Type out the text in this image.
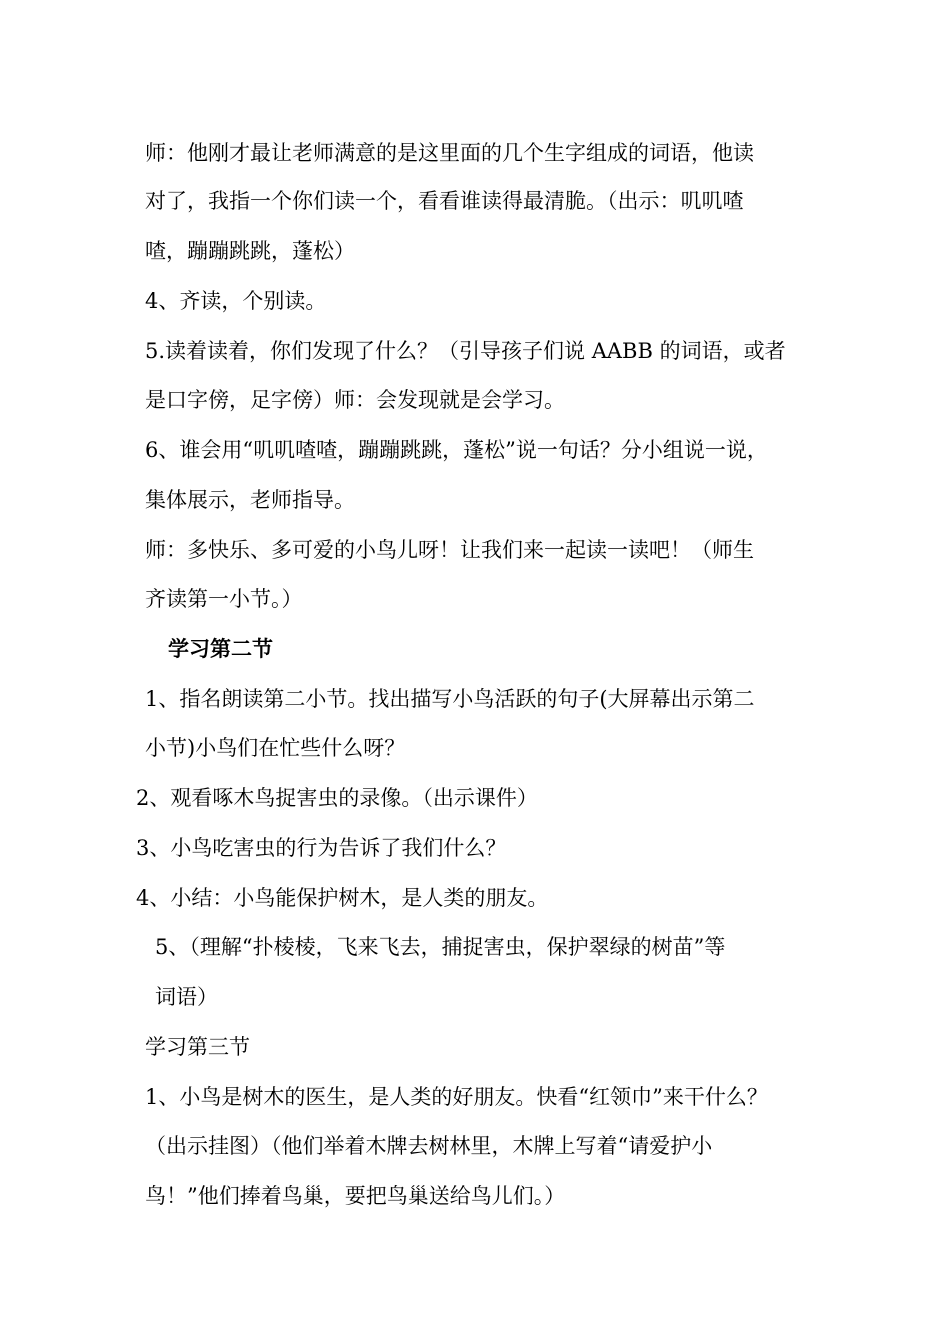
师：他刚才最让老师满意的是这里面的几个生字组成的词语，他读
对了，我指一个你们读一个，看看谁读得最清脆。（出示：叽叽喳
喳，蹦蹦跳跳，蓬松）
4、齐读，个别读。
5.读着读着，你们发现了什么？（引导孩子们说 AABB 的词语，或者
是口字傍，足字傍）师：会发现就是会学习。
6、谁会用“叽叽喳喳，蹦蹦跳跳，蓬松”说一句话？分小组说一说，
集体展示，老师指导。
师：多快乐、多可爱的小鸟儿呀！让我们来一起读一读吧！（师生
齐读第一小节。）
学习第二节
1、指名朗读第二小节。找出描写小鸟活跃的句子(大屏幕出示第二
小节)小鸟们在忙些什么呀？
2、观看啄木鸟捉害虫的录像。（出示课件）
3、小鸟吃害虫的行为告诉了我们什么？
4、小结：小鸟能保护树木，是人类的朋友。
5、（理解“扑棱棱，飞来飞去，捕捉害虫，保护翠绿的树苗”等
词语）
学习第三节
1、小鸟是树木的医生，是人类的好朋友。快看“红领巾”来干什么？
（出示挂图）（他们举着木牌去树林里，木牌上写着“请爱护小
鸟！”他们捧着鸟巢，要把鸟巢送给鸟儿们。）
